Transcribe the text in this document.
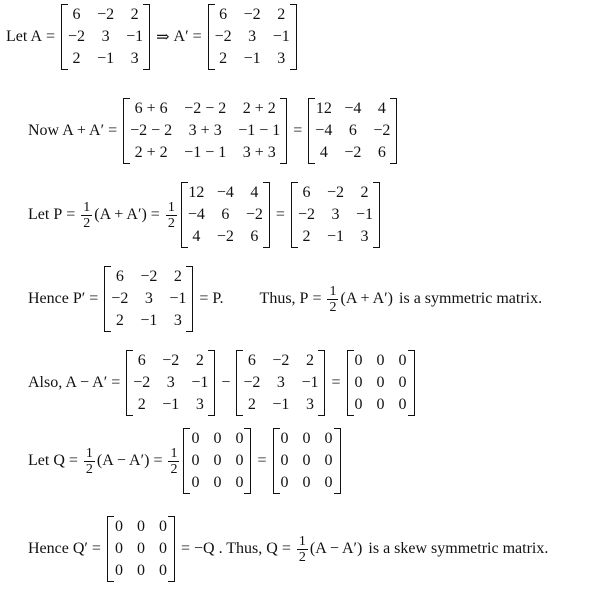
Let A =
6 −2 2
−2 3 −1
2 −1 3
⇒ A′ =
6 −2 2
−2 3 −1
2 −1 3
Now A + A′ =
6 + 6 −2 − 2 2 + 2
−2 − 2 3 + 3 −1 − 1
2 + 2 −1 − 1 3 + 3
=
12 −4 4
−4 6 −2
4 −2 6
Let $P = \frac{1}{2} (A + A') = \frac{1}{2}$
12 −4 4
−4 6 −2
4 −2 6
=
6 −2 2
−2 3 −1
2 −1 3
Hence P′ =
6 −2 2
−2 3 −1
2 −1 3
= P. Thus, $P = \frac{1}{2} (A + A')$ is a symmetric matrix.
Also, A − A′ =
6 −2 2
−2 3 −1
2 −1 3
−
6 −2 2
−2 3 −1
2 −1 3
=
0 0 0
0 0 0
0 0 0
Let $Q = \frac{1}{2} (A - A') = \frac{1}{2}$
0 0 0
0 0 0
0 0 0
=
0 0 0
0 0 0
0 0 0
Hence Q′ =
0 0 0
0 0 0
0 0 0
= −Q . Thus, $Q = \frac{1}{2} (A - A')$ is a skew symmetric matrix.
